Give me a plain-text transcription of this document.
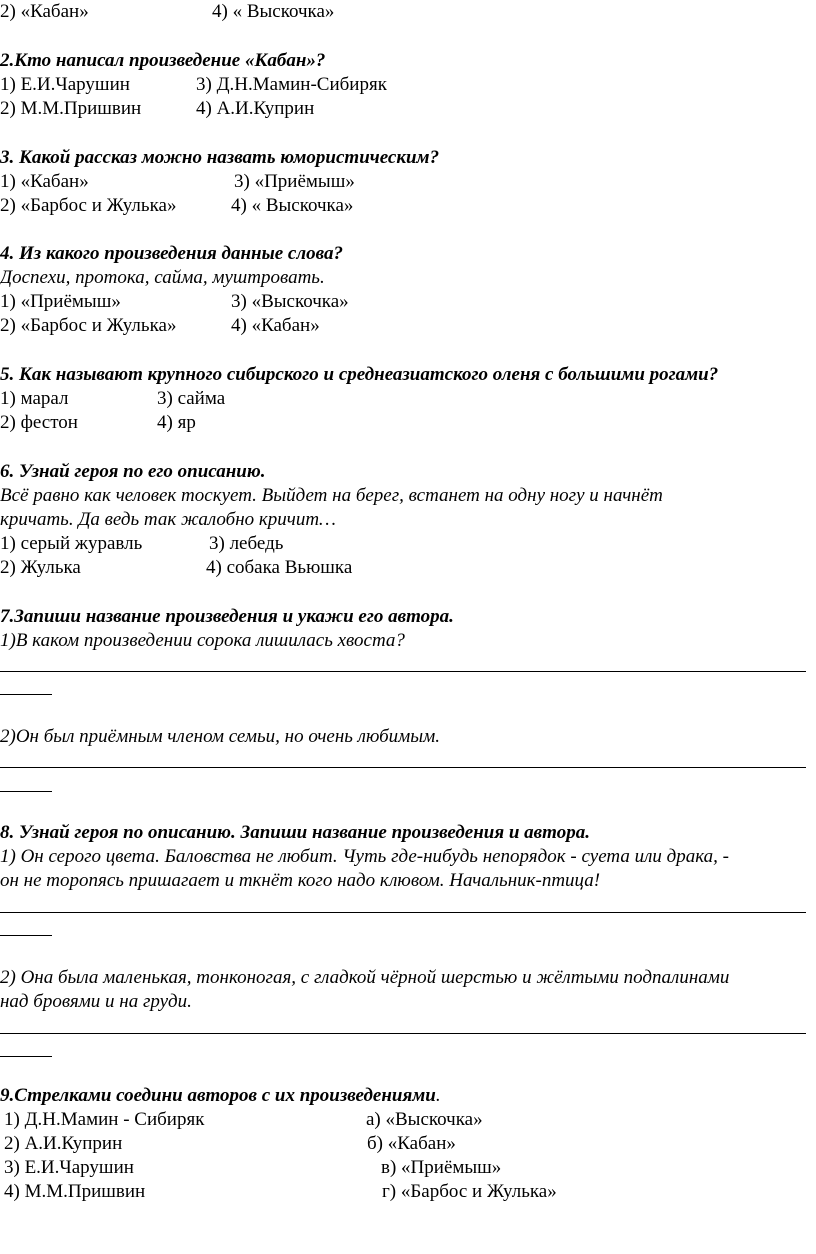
2) «Кабан»	4) « Выскочка»
2.Кто написал произведение «Кабан»?
1) Е.И.Чарушин	3) Д.Н.Мамин-Сибиряк
2) М.М.Пришвин	4) А.И.Куприн
3. Какой рассказ можно назвать юмористическим?
1) «Кабан»	3) «Приёмыш»
2) «Барбос и Жулька»	4) « Выскочка»
4. Из какого произведения данные слова?
Доспехи, протока, сайма, муштровать.
1) «Приёмыш»	3) «Выскочка»
2) «Барбос и Жулька»	4) «Кабан»
5. Как называют крупного сибирского и среднеазиатского оленя с большими рогами?
1) марал	3) сайма
2) фестон	4) яр
6. Узнай героя по его описанию.
Всё равно как человек тоскует. Выйдет на берег, встанет на одну ногу и начнёт
кричать. Да ведь так жалобно кричит…
1) серый журавль	3) лебедь
2) Жулька	4) собака Вьюшка
7.Запиши название произведения и укажи его автора.
1)В каком произведении сорока лишилась хвоста?
2)Он был приёмным членом семьи, но очень любимым.
8. Узнай героя по описанию. Запиши название произведения и автора.
1) Он серого цвета. Баловства не любит. Чуть где-нибудь непорядок - суета или драка, -
он не торопясь пришагает и ткнёт кого надо клювом. Начальник-птица!
2) Она была маленькая, тонконогая, с гладкой чёрной шерстью и жёлтыми подпалинами
над бровями и на груди.
9.Стрелками соедини авторов с их произведениями.
1) Д.Н.Мамин - Сибиряк	а) «Выскочка»
2) А.И.Куприн	б) «Кабан»
3) Е.И.Чарушин	в) «Приёмыш»
4) М.М.Пришвин	г) «Барбос и Жулька»
